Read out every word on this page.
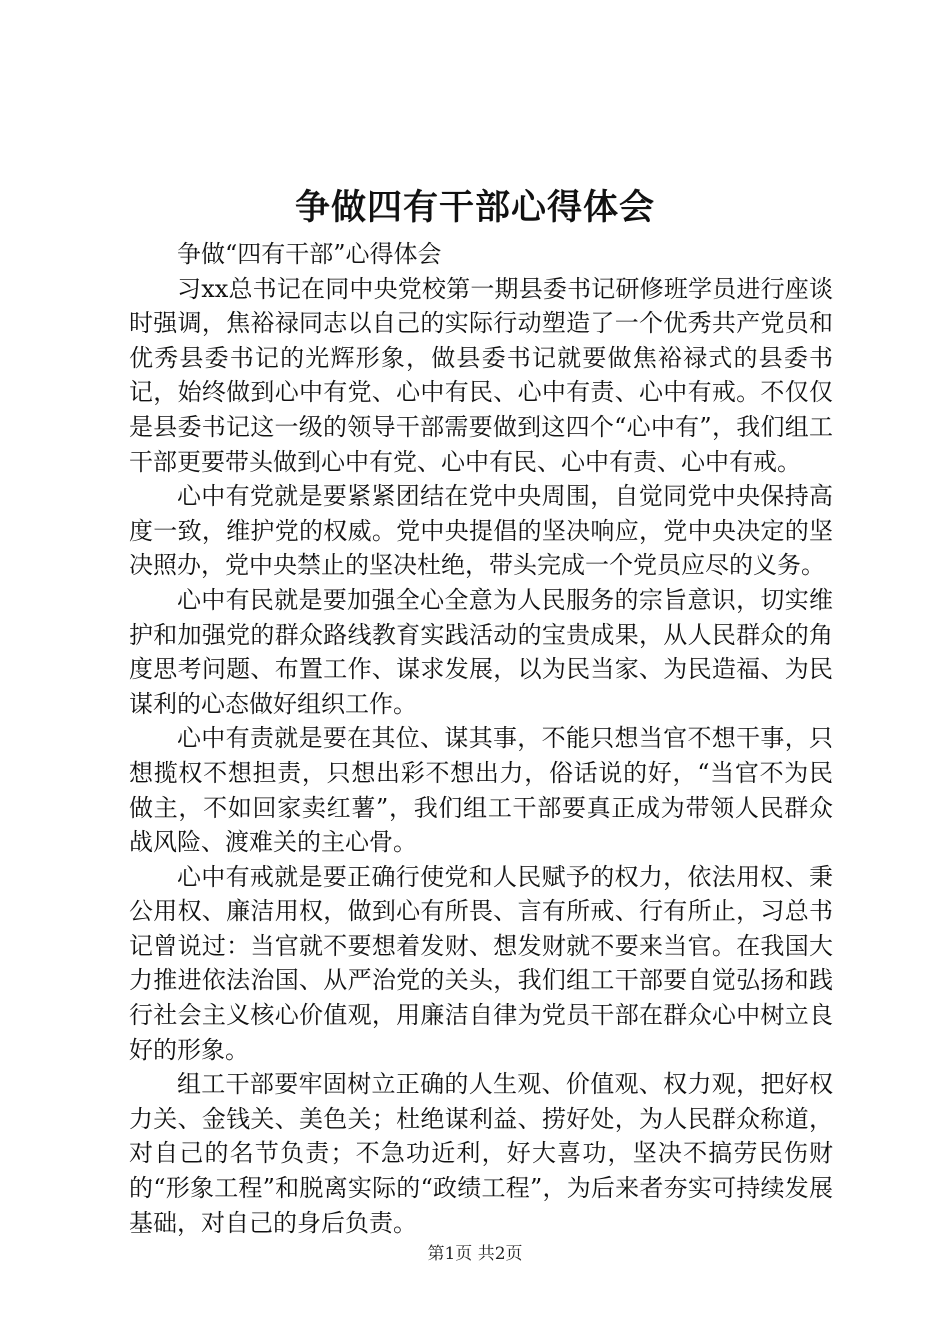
争做四有干部心得体会

争做“四有干部”心得体会

习xx总书记在同中央党校第一期县委书记研修班学员进行座谈时强调，焦裕禄同志以自己的实际行动塑造了一个优秀共产党员和优秀县委书记的光辉形象，做县委书记就要做焦裕禄式的县委书记，始终做到心中有党、心中有民、心中有责、心中有戒。不仅仅是县委书记这一级的领导干部需要做到这四个“心中有”，我们组工干部更要带头做到心中有党、心中有民、心中有责、心中有戒。

心中有党就是要紧紧团结在党中央周围，自觉同党中央保持高度一致，维护党的权威。党中央提倡的坚决响应，党中央决定的坚决照办，党中央禁止的坚决杜绝，带头完成一个党员应尽的义务。

心中有民就是要加强全心全意为人民服务的宗旨意识，切实维护和加强党的群众路线教育实践活动的宝贵成果，从人民群众的角度思考问题、布置工作、谋求发展，以为民当家、为民造福、为民谋利的心态做好组织工作。

心中有责就是要在其位、谋其事，不能只想当官不想干事，只想揽权不想担责，只想出彩不想出力，俗话说的好，“当官不为民做主，不如回家卖红薯”，我们组工干部要真正成为带领人民群众战风险、渡难关的主心骨。

心中有戒就是要正确行使党和人民赋予的权力，依法用权、秉公用权、廉洁用权，做到心有所畏、言有所戒、行有所止，习总书记曾说过：当官就不要想着发财、想发财就不要来当官。在我国大力推进依法治国、从严治党的关头，我们组工干部要自觉弘扬和践行社会主义核心价值观，用廉洁自律为党员干部在群众心中树立良好的形象。

组工干部要牢固树立正确的人生观、价值观、权力观，把好权力关、金钱关、美色关；杜绝谋利益、捞好处，为人民群众称道，对自己的名节负责；不急功近利，好大喜功，坚决不搞劳民伤财的“形象工程”和脱离实际的“政绩工程”，为后来者夯实可持续发展基础，对自己的身后负责。

第1页 共2页
